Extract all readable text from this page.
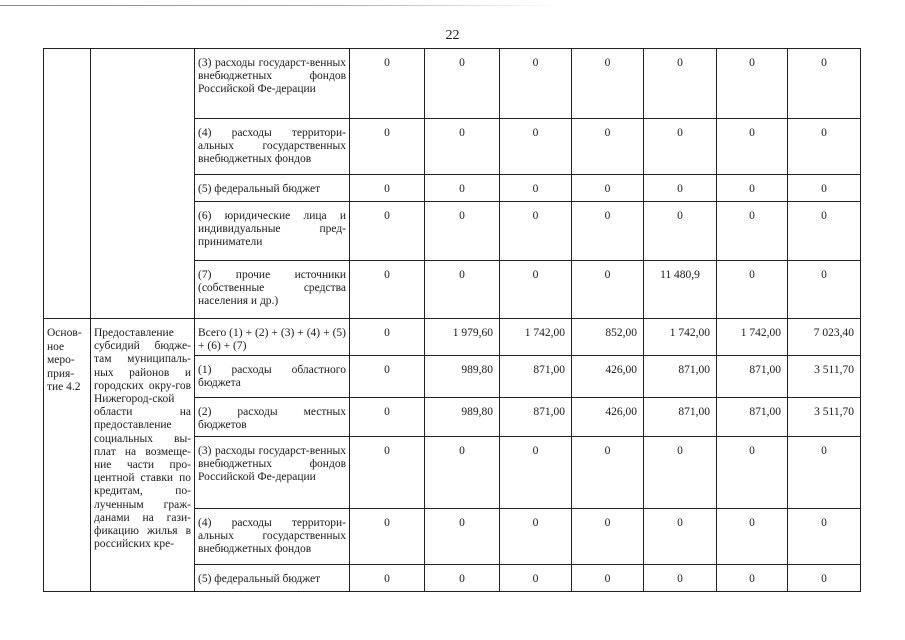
22
		(3) расходы государст-венных внебюджетных фондов Российской Фе-дерации	0	0	0	0	0	0	0
		(4) расходы территори-альных государственных внебюджетных фондов	0	0	0	0	0	0	0
		(5) федеральный бюджет	0	0	0	0	0	0	0
		(6) юридические лица и индивидуальные пред-приниматели	0	0	0	0	0	0	0
		(7) прочие источники (собственные средства населения и др.)	0	0	0	0	11 480,9	0	0
Основ-ное меро-прия-тие 4.2	Предоставление субсидий бюдже-там муниципаль-ных районов и городских окру-гов Нижегород-ской области на предоставление социальных вы-плат на возмеще-ние части про-центной ставки по кредитам, по-лученным граж-данами на гази-фикацию жилья в российских кре-	Всего (1) + (2) + (3) + (4) + (5) + (6) + (7)	0	1 979,60	1 742,00	852,00	1 742,00	1 742,00	7 023,40
		(1) расходы областного бюджета	0	989,80	871,00	426,00	871,00	871,00	3 511,70
		(2) расходы местных бюджетов	0	989,80	871,00	426,00	871,00	871,00	3 511,70
		(3) расходы государст-венных внебюджетных фондов Российской Фе-дерации	0	0	0	0	0	0	0
		(4) расходы территори-альных государственных внебюджетных фондов	0	0	0	0	0	0	0
		(5) федеральный бюджет	0	0	0	0	0	0	0
